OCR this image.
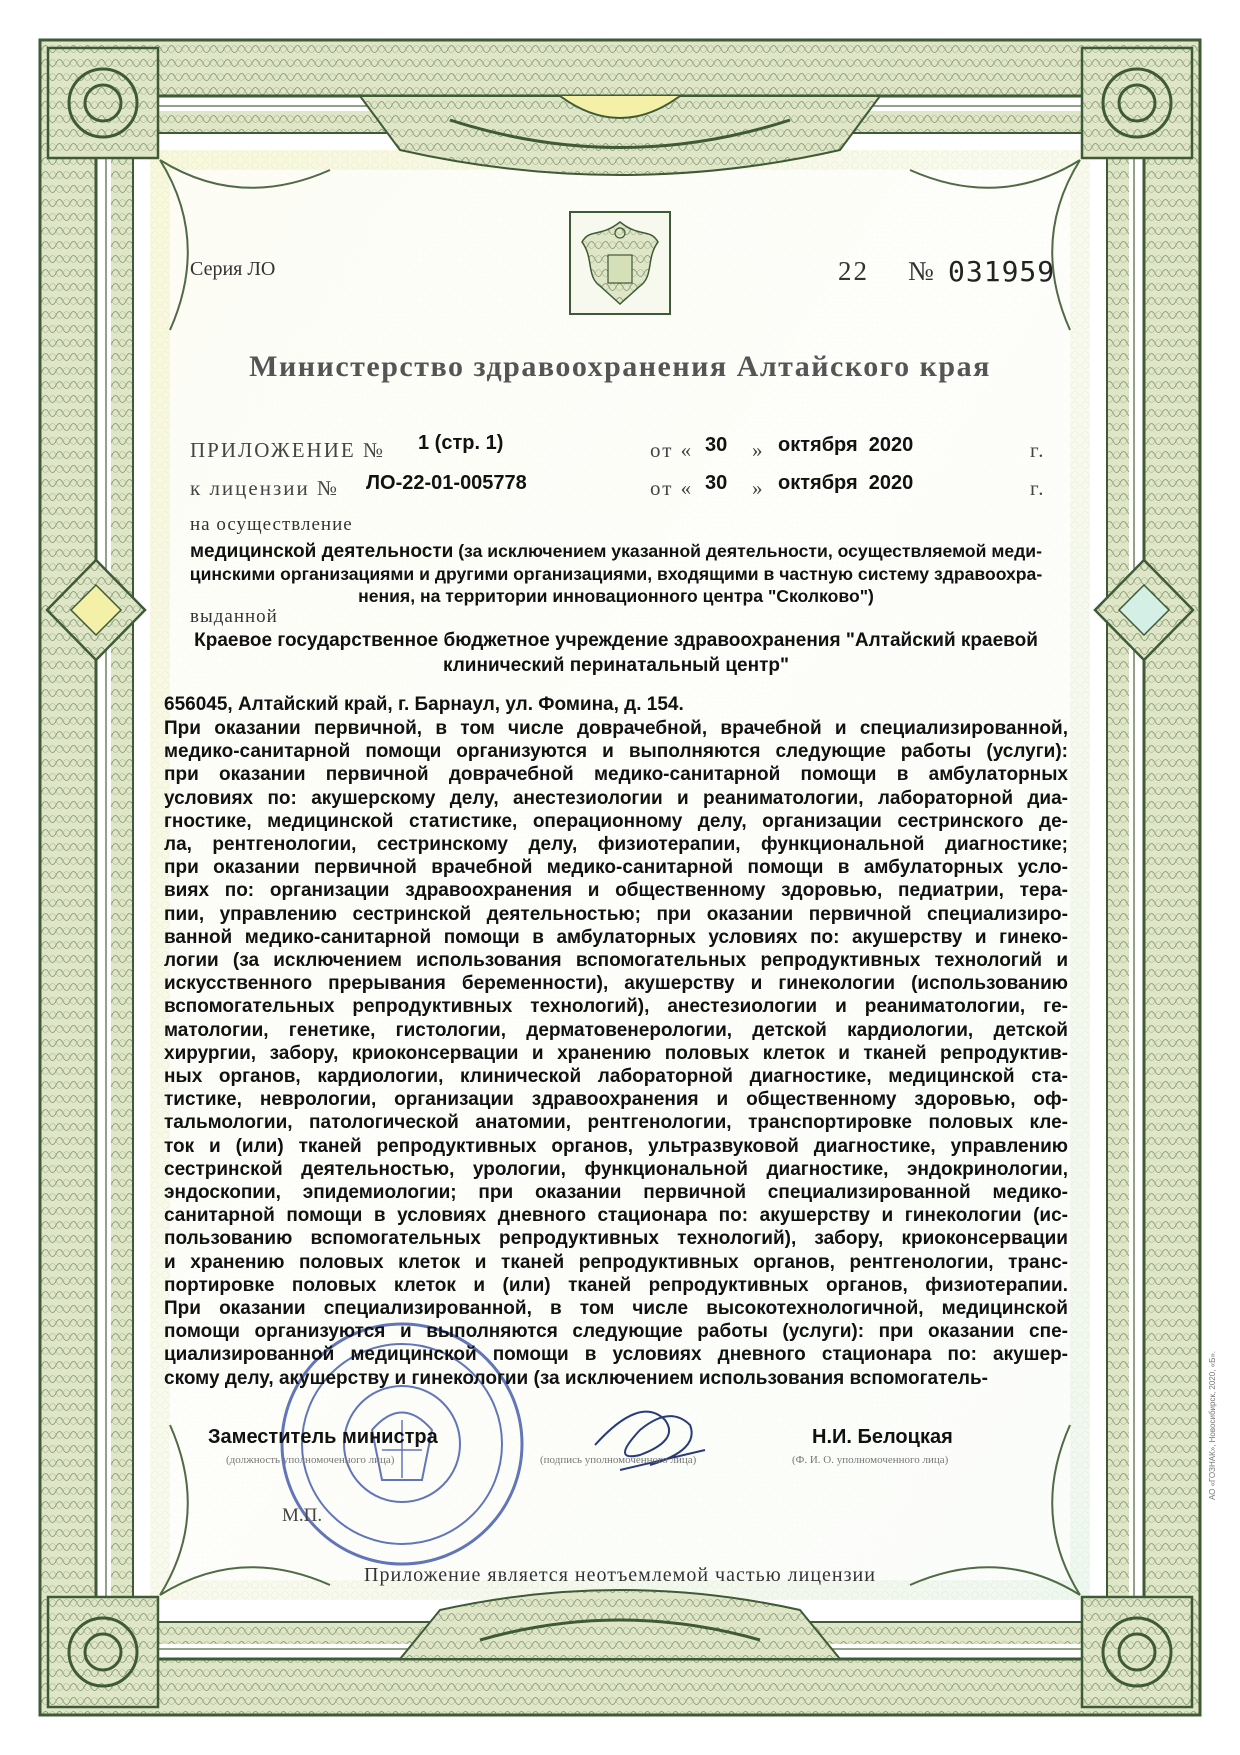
Серия ЛО	22 № 031959
Министерство здравоохранения Алтайского края
ПРИЛОЖЕНИЕ № 1 (стр. 1)	от « 30 » октября  2020	г.
к лицензии № ЛО-22-01-005778	от « 30 » октября  2020	г.
на осуществление
медицинской деятельности (за исключением указанной деятельности, осуществляемой меди-
цинскими организациями и другими организациями, входящими в частную систему здравоохра-
нения, на территории инновационного центра "Сколково")
выданной
Краевое государственное бюджетное учреждение здравоохранения "Алтайский краевой
клинический перинатальный центр"
656045, Алтайский край, г. Барнаул, ул. Фомина, д. 154.
При оказании первичной, в том числе доврачебной, врачебной и специализированной,
медико-санитарной помощи организуются и выполняются следующие работы (услуги):
при оказании первичной доврачебной медико-санитарной помощи в амбулаторных
условиях по: акушерскому делу, анестезиологии и реаниматологии, лабораторной диа-
гностике, медицинской статистике, операционному делу, организации сестринского де-
ла, рентгенологии, сестринскому делу, физиотерапии, функциональной диагностике;
при оказании первичной врачебной медико-санитарной помощи в амбулаторных усло-
виях по: организации здравоохранения и общественному здоровью, педиатрии, тера-
пии, управлению сестринской деятельностью; при оказании первичной специализиро-
ванной медико-санитарной помощи в амбулаторных условиях по: акушерству и гинеко-
логии (за исключением использования вспомогательных репродуктивных технологий и
искусственного прерывания беременности), акушерству и гинекологии (использованию
вспомогательных репродуктивных технологий), анестезиологии и реаниматологии, ге-
матологии, генетике, гистологии, дерматовенерологии, детской кардиологии, детской
хирургии, забору, криоконсервации и хранению половых клеток и тканей репродуктив-
ных органов, кардиологии, клинической лабораторной диагностике, медицинской ста-
тистике, неврологии, организации здравоохранения и общественному здоровью, оф-
тальмологии, патологической анатомии, рентгенологии, транспортировке половых кле-
ток и (или) тканей репродуктивных органов, ультразвуковой диагностике, управлению
сестринской деятельностью, урологии, функциональной диагностике, эндокринологии,
эндоскопии, эпидемиологии; при оказании первичной специализированной медико-
санитарной помощи в условиях дневного стационара по: акушерству и гинекологии (ис-
пользованию вспомогательных репродуктивных технологий), забору, криоконсервации
и хранению половых клеток и тканей репродуктивных органов, рентгенологии, транс-
портировке половых клеток и (или) тканей репродуктивных органов, физиотерапии.
При оказании специализированной, в том числе высокотехнологичной, медицинской
помощи организуются и выполняются следующие работы (услуги): при оказании спе-
циализированной медицинской помощи в условиях дневного стационара по: акушер-
скому делу, акушерству и гинекологии (за исключением использования вспомогатель-
Заместитель министра
(должность уполномоченного лица)	(подпись уполномоченного лица)
Н.И. Белоцкая
(Ф. И. О. уполномоченного лица)
М.П.
Приложение является неотъемлемой частью лицензии
АО «ГОЗНАК», Новосибирск, 2020, «Б».
